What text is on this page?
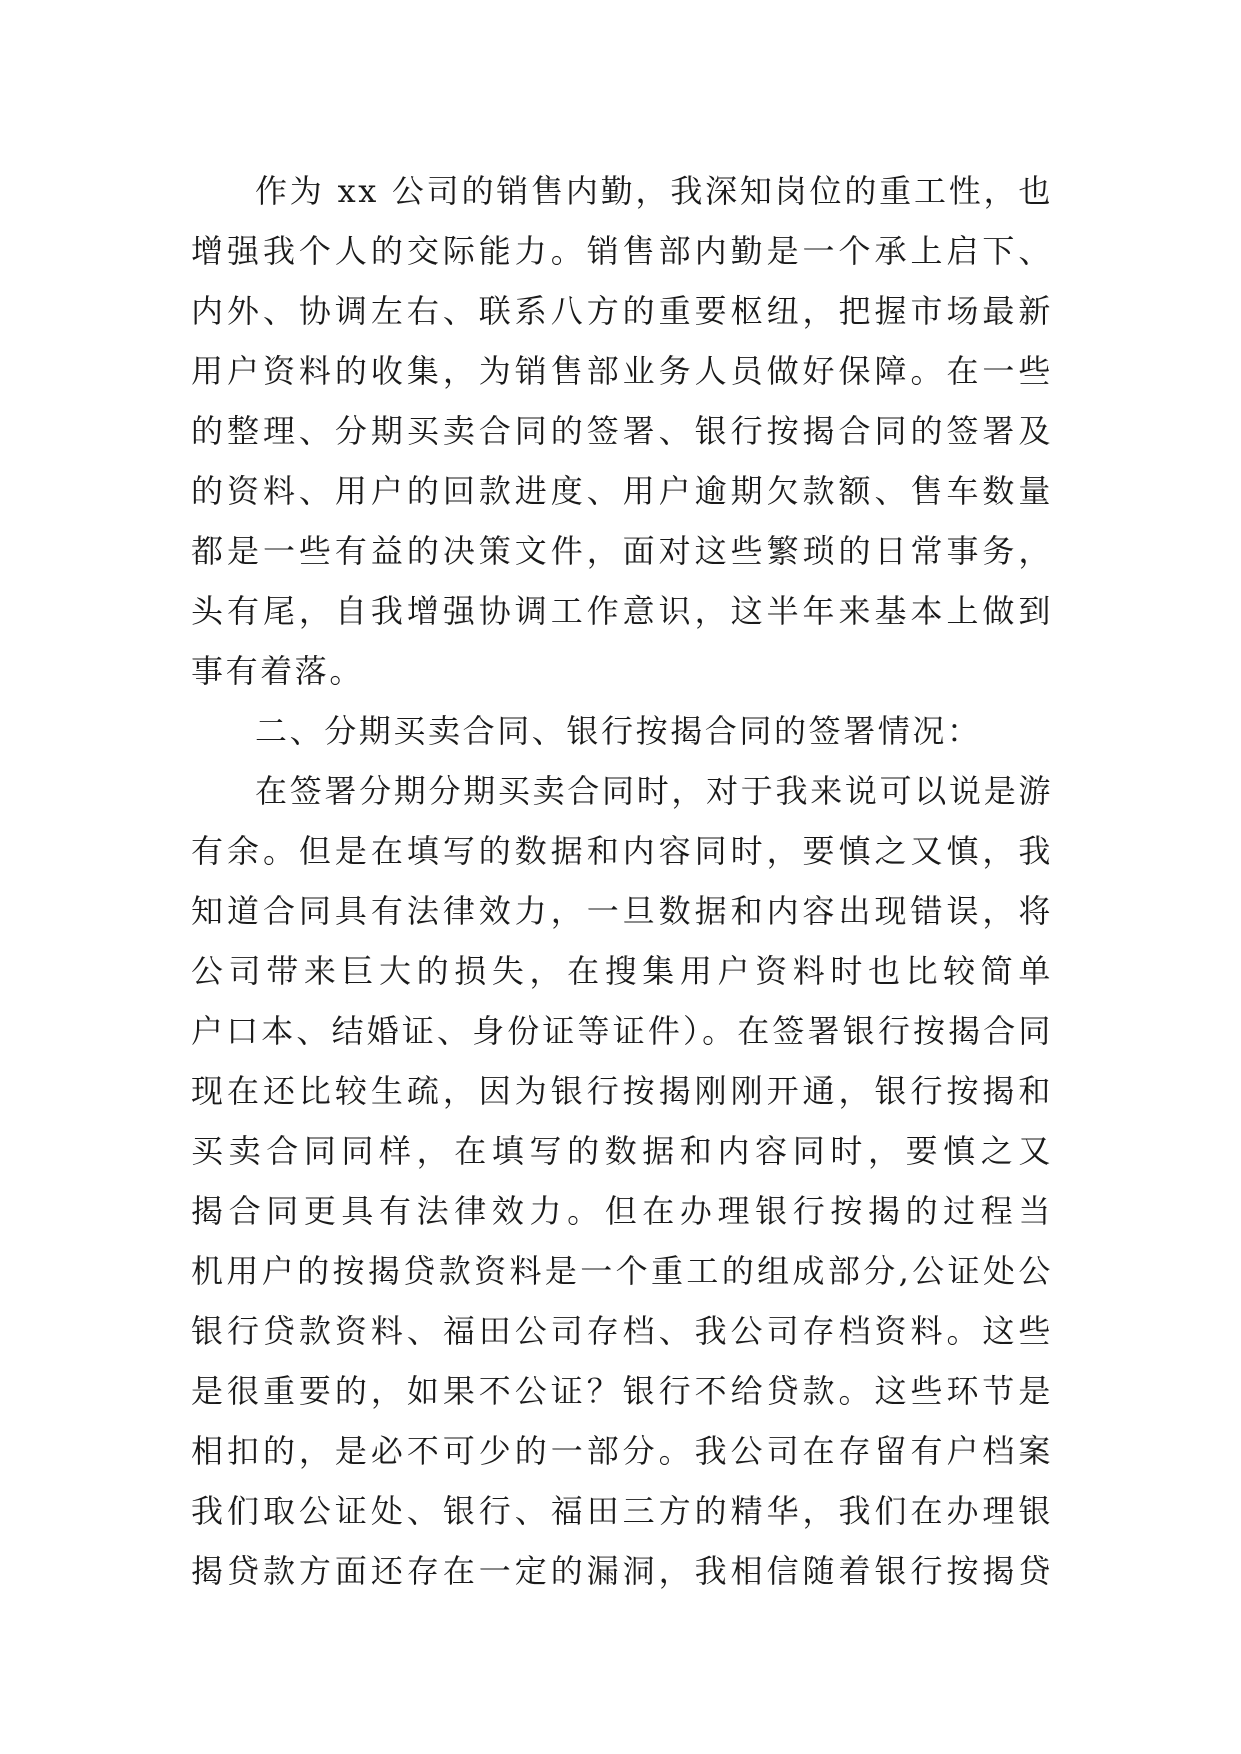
作为 xx 公司的销售内勤，我深知岗位的重工性，也
增强我个人的交际能力。销售部内勤是一个承上启下、
内外、协调左右、联系八方的重要枢纽，把握市场最新
用户资料的收集，为销售部业务人员做好保障。在一些
的整理、分期买卖合同的签署、银行按揭合同的签署及
的资料、用户的回款进度、用户逾期欠款额、售车数量
都是一些有益的决策文件，面对这些繁琐的日常事务，
头有尾，自我增强协调工作意识，这半年来基本上做到
事有着落。
二、分期买卖合同、银行按揭合同的签署情况：
在签署分期分期买卖合同时，对于我来说可以说是游
有余。但是在填写的数据和内容同时，要慎之又慎，我
知道合同具有法律效力，一旦数据和内容出现错误，将
公司带来巨大的损失，在搜集用户资料时也比较简单
户口本、结婚证、身份证等证件）。在签署银行按揭合同
现在还比较生疏，因为银行按揭刚刚开通，银行按揭和
买卖合同同样，在填写的数据和内容同时，要慎之又
揭合同更具有法律效力。但在办理银行按揭的过程当
机用户的按揭贷款资料是一个重工的组成部分,公证处公
银行贷款资料、福田公司存档、我公司存档资料。这些
是很重要的，如果不公证？银行不给贷款。这些环节是
相扣的，是必不可少的一部分。我公司在存留有户档案
我们取公证处、银行、福田三方的精华，我们在办理银
揭贷款方面还存在一定的漏洞，我相信随着银行按揭贷
